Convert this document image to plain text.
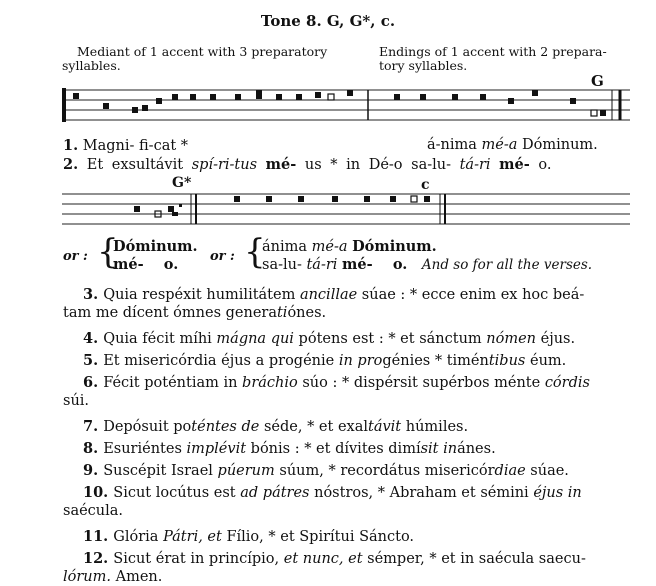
Tone 8. G, G*, c.
Mediant of 1 accent with 3 preparatory
syllables.
Endings of 1 accent with 2 prepara-
tory syllables.
G
1. Magni- fi-cat *	á-nima mé-a Dóminum.
2. Et exsultávit spí-ri-tus mé- us * in Dé-o sa-lu- tá-ri mé- o.
G*	c
or : {
Dóminum.
mé-    o.	or : {
ánima mé-a Dóminum.
sa-lu- tá-ri mé-    o. And so for all the verses.
3. Quia respéxit humilitátem ancillae súae : * ecce enim ex hoc beá-
tam me dícent ómnes generatiónes.
4. Quia fécit míhi mágna qui pótens est : * et sánctum nómen éjus.
5. Et misericórdia éjus a progénie in progénies * timéntibus éum.
6. Fécit poténtiam in bráchio súo : * dispérsit supérbos ménte córdis
súi.
7. Depósuit poténtes de séde, * et exaltávit húmiles.
8. Esuriéntes implévit bónis : * et dívites dimísit inánes.
9. Suscépit Israel púerum súum, * recordátus misericórdiae súae.
10. Sicut locútus est ad pátres nóstros, * Abraham et sémini éjus in
saécula.
11. Glória Pátri, et Fílio, * et Spirítui Sáncto.
12. Sicut érat in princípio, et nunc, et sémper, * et in saécula saecu-
lórum. Amen.
